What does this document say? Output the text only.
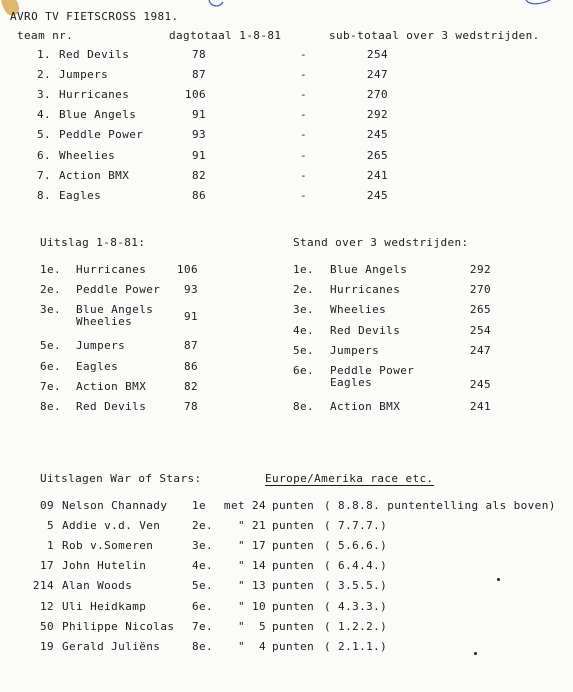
AVRO TV FIETSCROSS 1981.
team nr.	dagtotaal 1-8-81	sub-totaal over 3 wedstrijden.
1. Red Devils	78	-	254
2. Jumpers	87	-	247
3. Hurricanes	106	-	270
4. Blue Angels	91	-	292
5. Peddle Power	93	-	245
6. Wheelies	91	-	265
7. Action BMX	82	-	241
8. Eagles	86	-	245
Uitslag 1-8-81:	Stand over 3 wedstrijden:
1e. Hurricanes	106
2e. Peddle Power	93
3e. Blue Angels
Wheelies	91
5e. Jumpers	87
6e. Eagles	86
7e. Action BMX	82
8e. Red Devils	78
1e. Blue Angels	292
2e. Hurricanes	270
3e. Wheelies	265
4e. Red Devils	254
5e. Jumpers	247
6e. Peddle Power
Eagles	245
8e. Action BMX	241
Uitslagen War of Stars:	Europe/Amerika race etc.
09 Nelson Channady 1e	met 24 punten ( 8.8.8. puntentelling als boven)
5 Addie v.d. Ven	2e.	" 21 punten ( 7.7.7.)
1 Rob v.Someren	3e.	" 17 punten ( 5.6.6.)
17 John Hutelin	4e.	" 14 punten ( 6.4.4.)
214 Alan Woods	5e.	" 13 punten ( 3.5.5.)
12 Uli Heidkamp	6e.	" 10 punten ( 4.3.3.)
50 Philippe Nicolas 7e.	"	5 punten ( 1.2.2.)
19 Gerald Juliëns	8e.	"	4 punten ( 2.1.1.)
